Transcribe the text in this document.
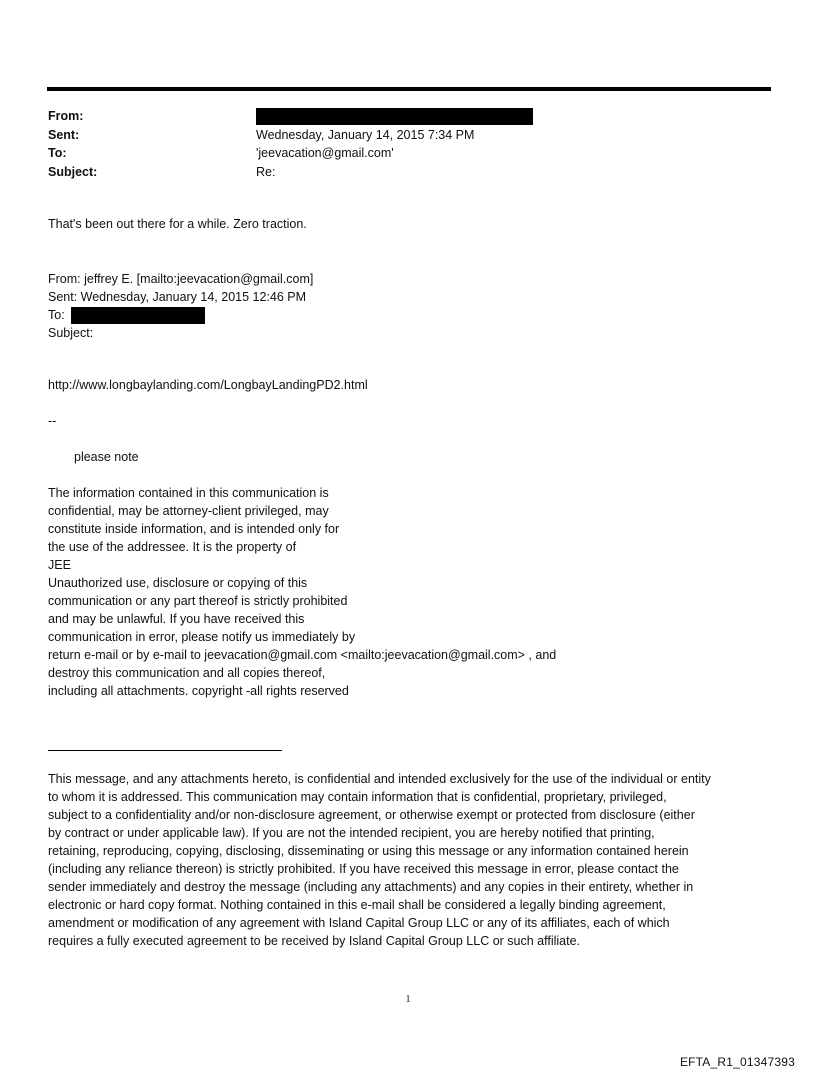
From:
Sent:	Wednesday, January 14, 2015 7:34 PM
To:	'jeevacation@gmail.com'
Subject:	Re:
That's been out there for a while. Zero traction.
From: jeffrey E. [mailto:jeevacation@gmail.com]
Sent: Wednesday, January 14, 2015 12:46 PM
To:
Subject:
http://www.longbaylanding.com/LongbayLandingPD2.html
--
please note
The information contained in this communication is
confidential, may be attorney-client privileged, may
constitute inside information, and is intended only for
the use of the addressee. It is the property of
JEE
Unauthorized use, disclosure or copying of this
communication or any part thereof is strictly prohibited
and may be unlawful. If you have received this
communication in error, please notify us immediately by
return e-mail or by e-mail to jeevacation@gmail.com <mailto:jeevacation@gmail.com> , and
destroy this communication and all copies thereof,
including all attachments. copyright -all rights reserved
This message, and any attachments hereto, is confidential and intended exclusively for the use of the individual or entity
to whom it is addressed. This communication may contain information that is confidential, proprietary, privileged,
subject to a confidentiality and/or non-disclosure agreement, or otherwise exempt or protected from disclosure (either
by contract or under applicable law). If you are not the intended recipient, you are hereby notified that printing,
retaining, reproducing, copying, disclosing, disseminating or using this message or any information contained herein
(including any reliance thereon) is strictly prohibited. If you have received this message in error, please contact the
sender immediately and destroy the message (including any attachments) and any copies in their entirety, whether in
electronic or hard copy format. Nothing contained in this e-mail shall be considered a legally binding agreement,
amendment or modification of any agreement with Island Capital Group LLC or any of its affiliates, each of which
requires a fully executed agreement to be received by Island Capital Group LLC or such affiliate.
1
EFTA_R1_01347393
